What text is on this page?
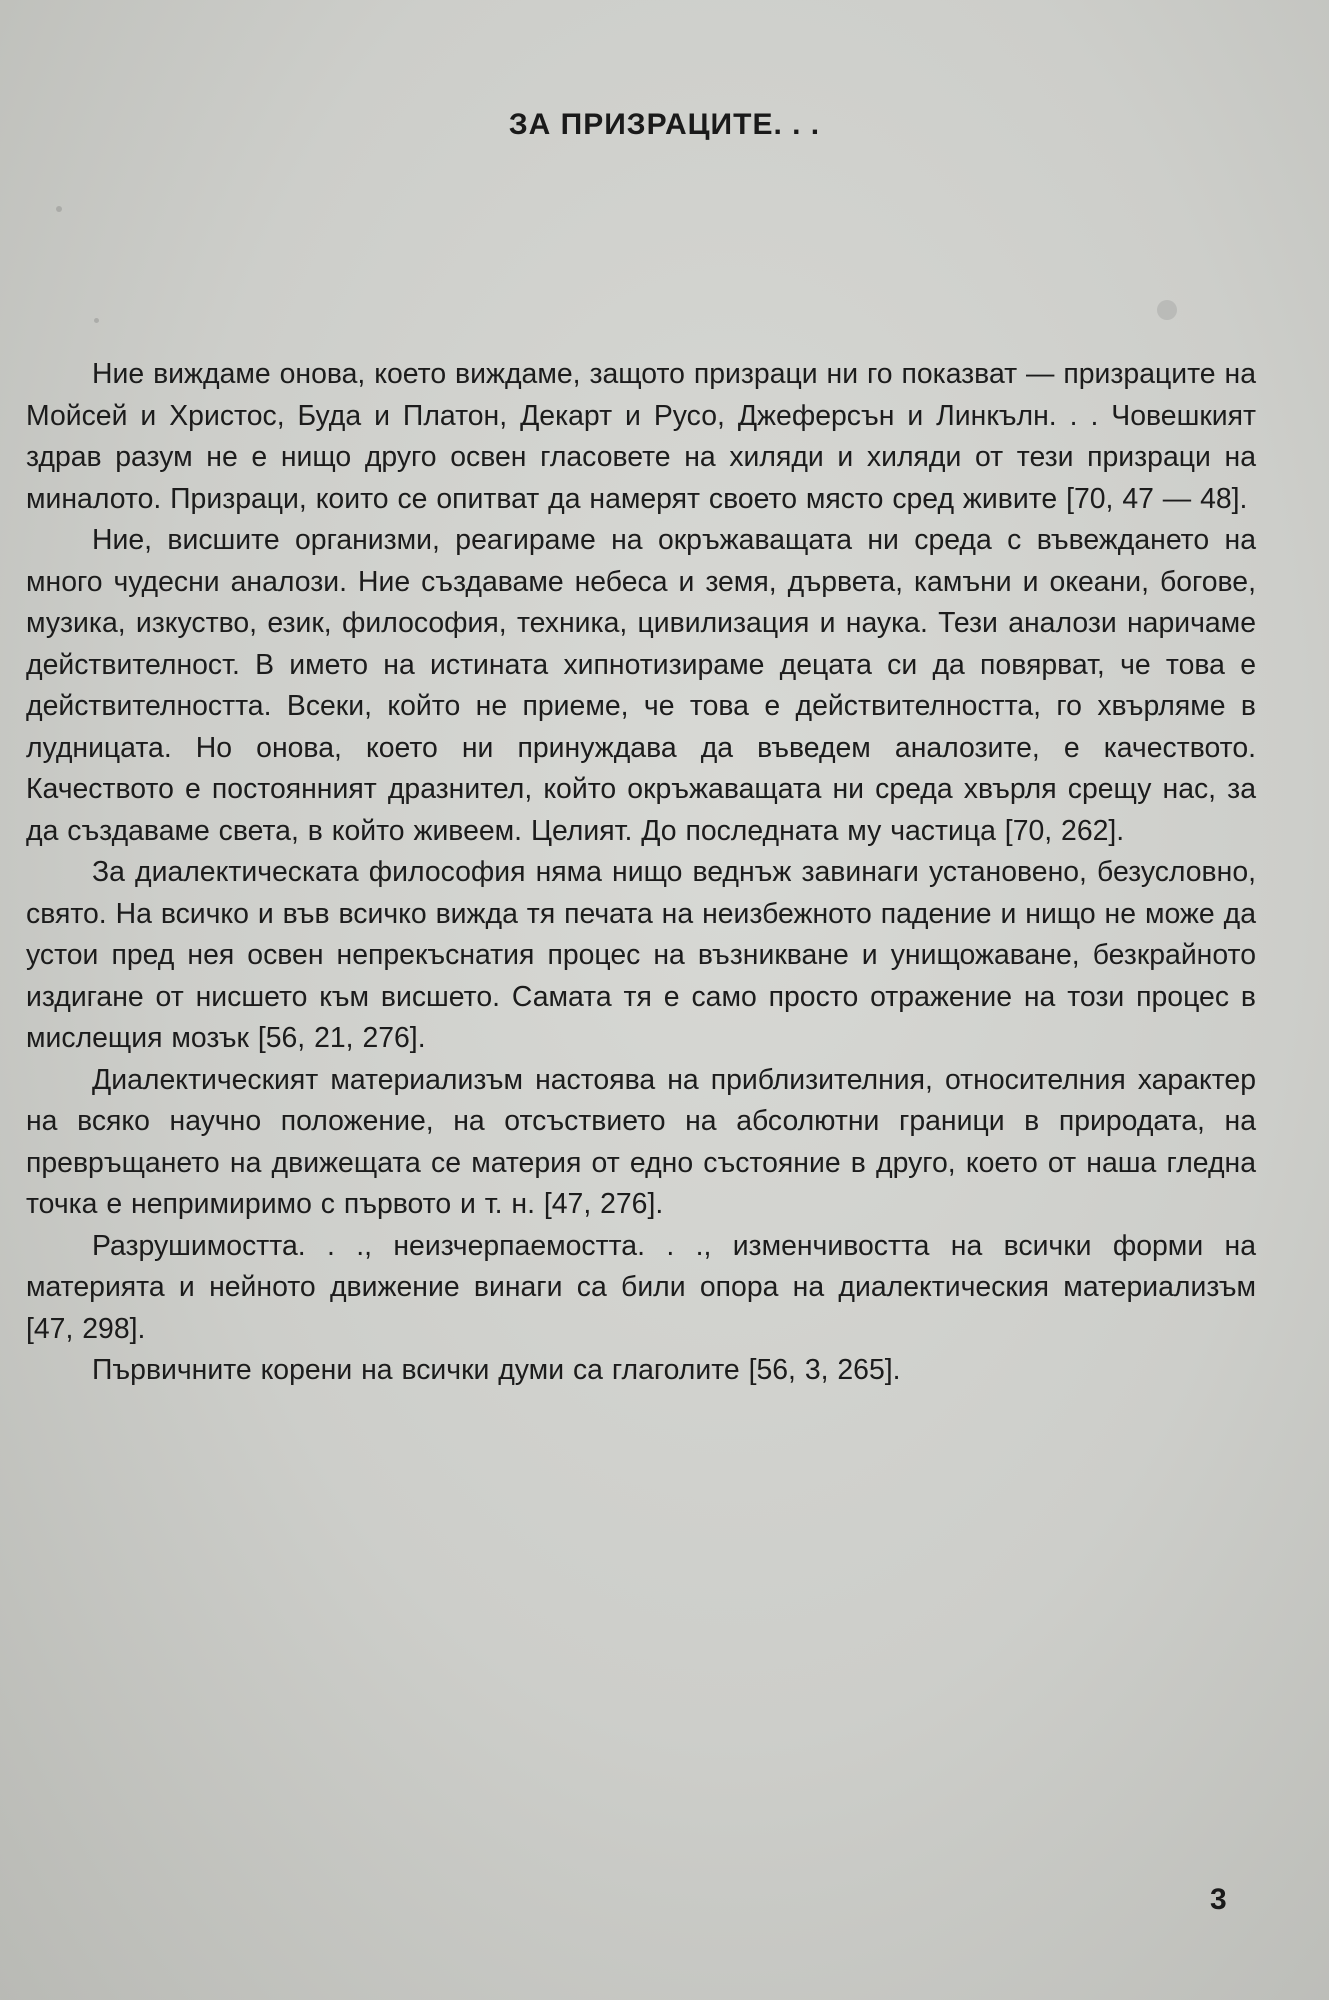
ЗА ПРИЗРАЦИТЕ. . .

Ние виждаме онова, което виждаме, защото призраци ни го показват — призраците на Мойсей и Христос, Буда и Платон, Декарт и Русо, Джеферсън и Линкълн. . . Човешкият здрав разум не е нищо друго освен гласовете на хиляди и хиляди от тези призраци на миналото. Призраци, които се опитват да намерят своето място сред живите [70, 47 — 48].

Ние, висшите организми, реагираме на окръжаващата ни среда с въвеждането на много чудесни аналози. Ние създаваме небеса и земя, дървета, камъни и океани, богове, музика, изкуство, език, философия, техника, цивилизация и наука. Тези аналози наричаме действителност. В името на истината хипнотизираме децата си да повярват, че това е действителността. Всеки, който не приеме, че това е действителността, го хвърляме в лудницата. Но онова, което ни принуждава да въведем аналозите, е качеството. Качеството е постоянният дразнител, който окръжаващата ни среда хвърля срещу нас, за да създаваме света, в който живеем. Целият. До последната му частица [70, 262].

За диалектическата философия няма нищо веднъж завинаги установено, безусловно, свято. На всичко и във всичко вижда тя печата на неизбежното падение и нищо не може да устои пред нея освен непрекъснатия процес на възникване и унищожаване, безкрайното издигане от нисшето към висшето. Самата тя е само просто отражение на този процес в мислещия мозък [56, 21, 276].

Диалектическият материализъм настоява на приблизителния, относителния характер на всяко научно положение, на отсъствието на абсолютни граници в природата, на превръщането на движещата се материя от едно състояние в друго, което от наша гледна точка е непримиримо с първото и т. н. [47, 276].

Разрушимостта. . ., неизчерпаемостта. . ., изменчивостта на всички форми на материята и нейното движение винаги са били опора на диалектическия материализъм [47, 298].

Първичните корени на всички думи са глаголите [56, 3, 265].

3
